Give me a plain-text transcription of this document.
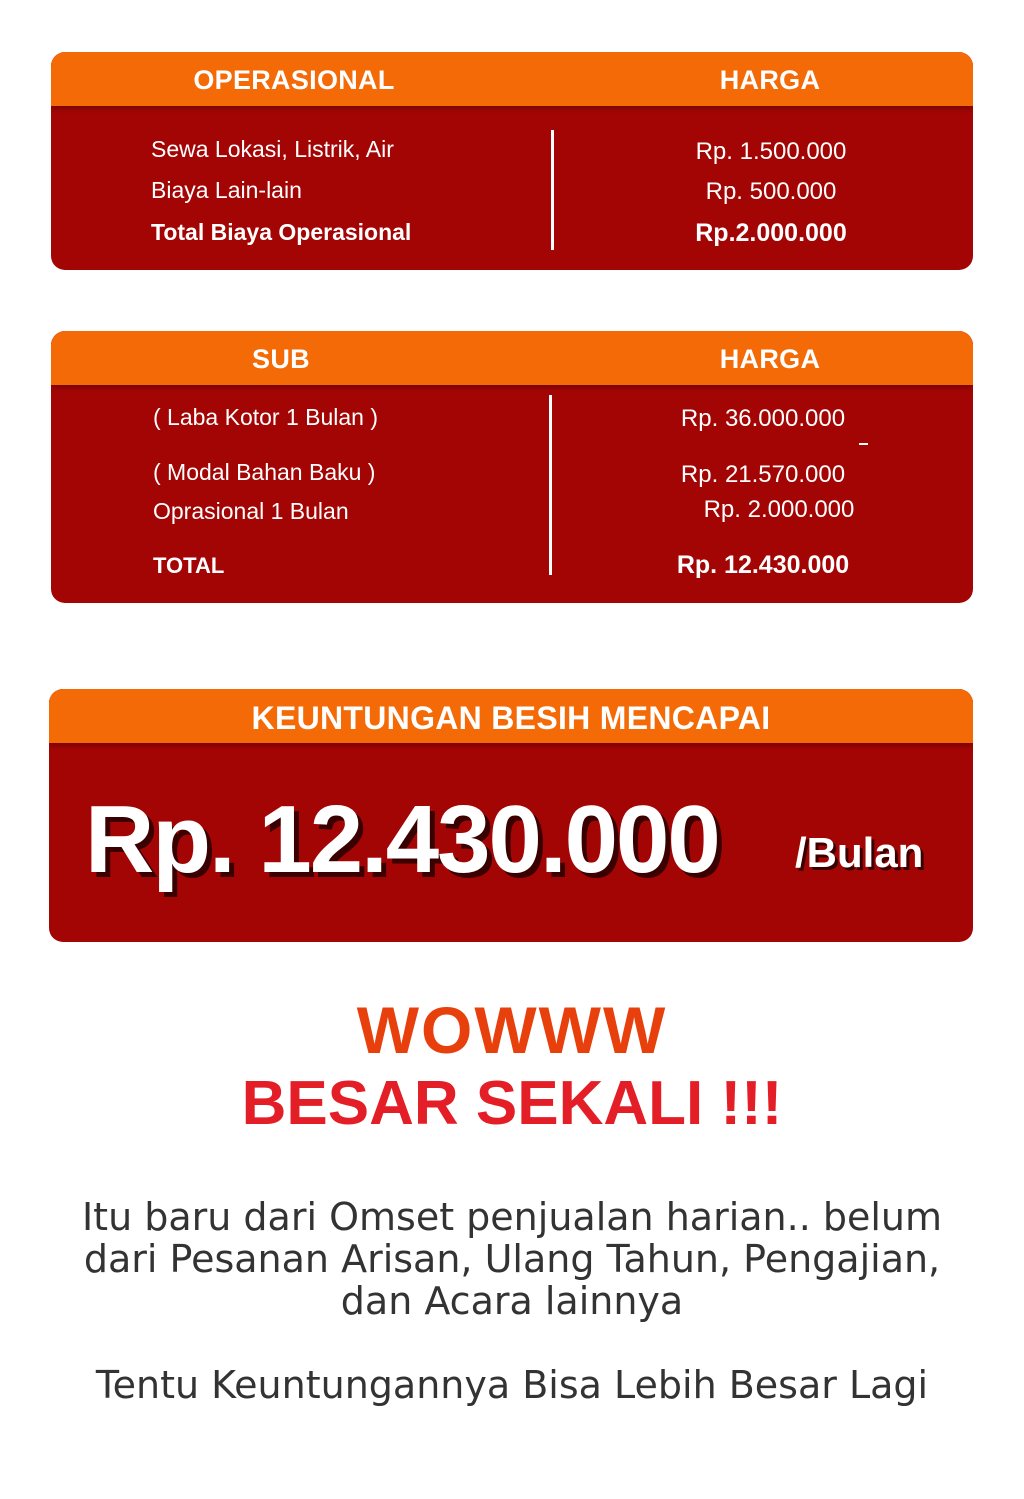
OPERASIONAL	HARGA
Sewa Lokasi, Listrik, Air	Rp. 1.500.000
Biaya Lain-lain	Rp. 500.000
Total Biaya Operasional	Rp.2.000.000
SUB	HARGA
( Laba Kotor 1 Bulan )	Rp. 36.000.000
( Modal Bahan Baku )	Rp. 21.570.000
Oprasional 1 Bulan	Rp. 2.000.000
TOTAL	Rp. 12.430.000
KEUNTUNGAN BESIH MENCAPAI
Rp. 12.430.000 /Bulan
WOWWW
BESAR SEKALI !!!
Itu baru dari Omset penjualan harian.. belum
dari Pesanan Arisan, Ulang Tahun, Pengajian,
dan Acara lainnya
Tentu Keuntungannya Bisa Lebih Besar Lagi
